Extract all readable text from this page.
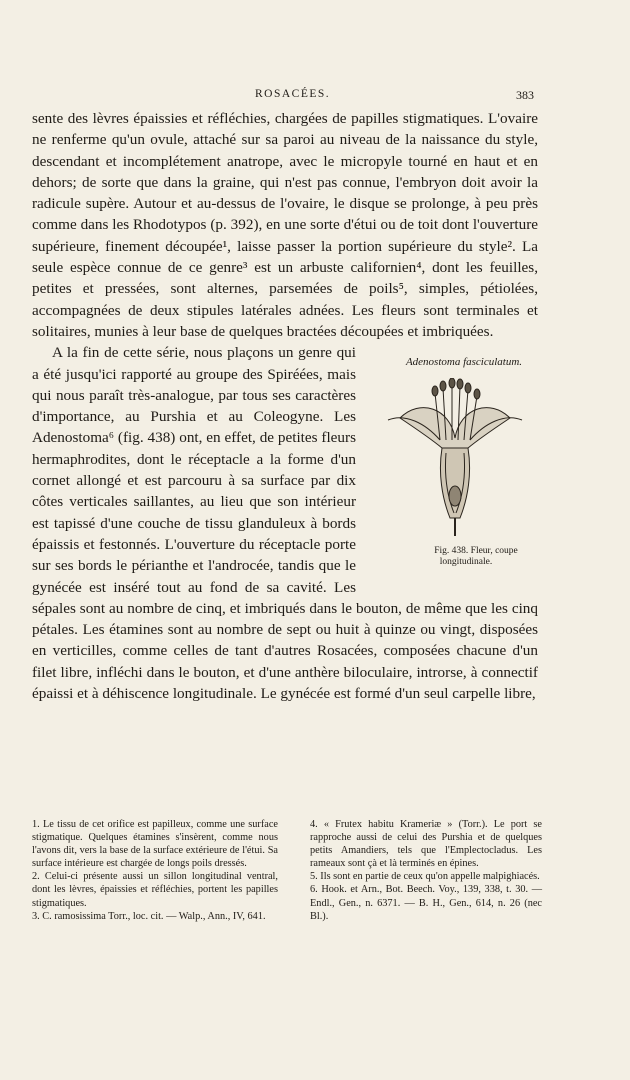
ROSACÉES.	383

sente des lèvres épaissies et réfléchies, chargées de papilles stigmatiques. L'ovaire ne renferme qu'un ovule, attaché sur sa paroi au niveau de la naissance du style, descendant et incomplétement anatrope, avec le micropyle tourné en haut et en dehors; de sorte que dans la graine, qui n'est pas connue, l'embryon doit avoir la radicule supère. Autour et au-dessus de l'ovaire, le disque se prolonge, à peu près comme dans les Rhodotypos (p. 392), en une sorte d'étui ou de toit dont l'ouverture supérieure, finement découpée¹, laisse passer la portion supérieure du style². La seule espèce connue de ce genre³ est un arbuste californien⁴, dont les feuilles, petites et pressées, sont alternes, parsemées de poils⁵, simples, pétiolées, accompagnées de deux stipules latérales adnées. Les fleurs sont terminales et solitaires, munies à leur base de quelques bractées découpées et imbriquées.

Adenostoma fasciculatum.
Fig. 438. Fleur, coupe
longitudinale.
A la fin de cette série, nous plaçons un genre qui a été jusqu'ici rapporté au groupe des Spiréées, mais qui nous paraît très-analogue, par tous ses caractères d'importance, au Purshia et au Coleogyne. Les Adenostoma⁶ (fig. 438) ont, en effet, de petites fleurs hermaphrodites, dont le réceptacle a la forme d'un cornet allongé et est parcouru à sa surface par dix côtes verticales saillantes, au lieu que son intérieur est tapissé d'une couche de tissu glanduleux à bords épaissis et festonnés. L'ouverture du réceptacle porte sur ses bords le périanthe et l'androcée, tandis que le gynécée est inséré tout au fond de sa cavité. Les sépales sont au nombre de cinq, et imbriqués dans le bouton, de même que les cinq pétales. Les étamines sont au nombre de sept ou huit à quinze ou vingt, disposées en verticilles, comme celles de tant d'autres Rosacées, composées chacune d'un filet libre, infléchi dans le bouton, et d'une anthère biloculaire, introrse, à connectif épaissi et à déhiscence longitudinale. Le gynécée est formé d'un seul carpelle libre,

1. Le tissu de cet orifice est papilleux, comme une surface stigmatique. Quelques étamines s'insèrent, comme nous l'avons dit, vers la base de la surface extérieure de l'étui. Sa surface intérieure est chargée de longs poils dressés.

2. Celui-ci présente aussi un sillon longitudinal ventral, dont les lèvres, épaissies et réfléchies, portent les papilles stigmatiques.

3. C. ramosissima Torr., loc. cit. — Walp., Ann., IV, 641.

4. « Frutex habitu Krameriæ » (Torr.). Le port se rapproche aussi de celui des Purshia et de quelques petits Amandiers, tels que l'Emplectocladus. Les rameaux sont çà et là terminés en épines.

5. Ils sont en partie de ceux qu'on appelle malpighiacés.

6. Hook. et Arn., Bot. Beech. Voy., 139, 338, t. 30. — Endl., Gen., n. 6371. — B. H., Gen., 614, n. 26 (nec Bl.).
